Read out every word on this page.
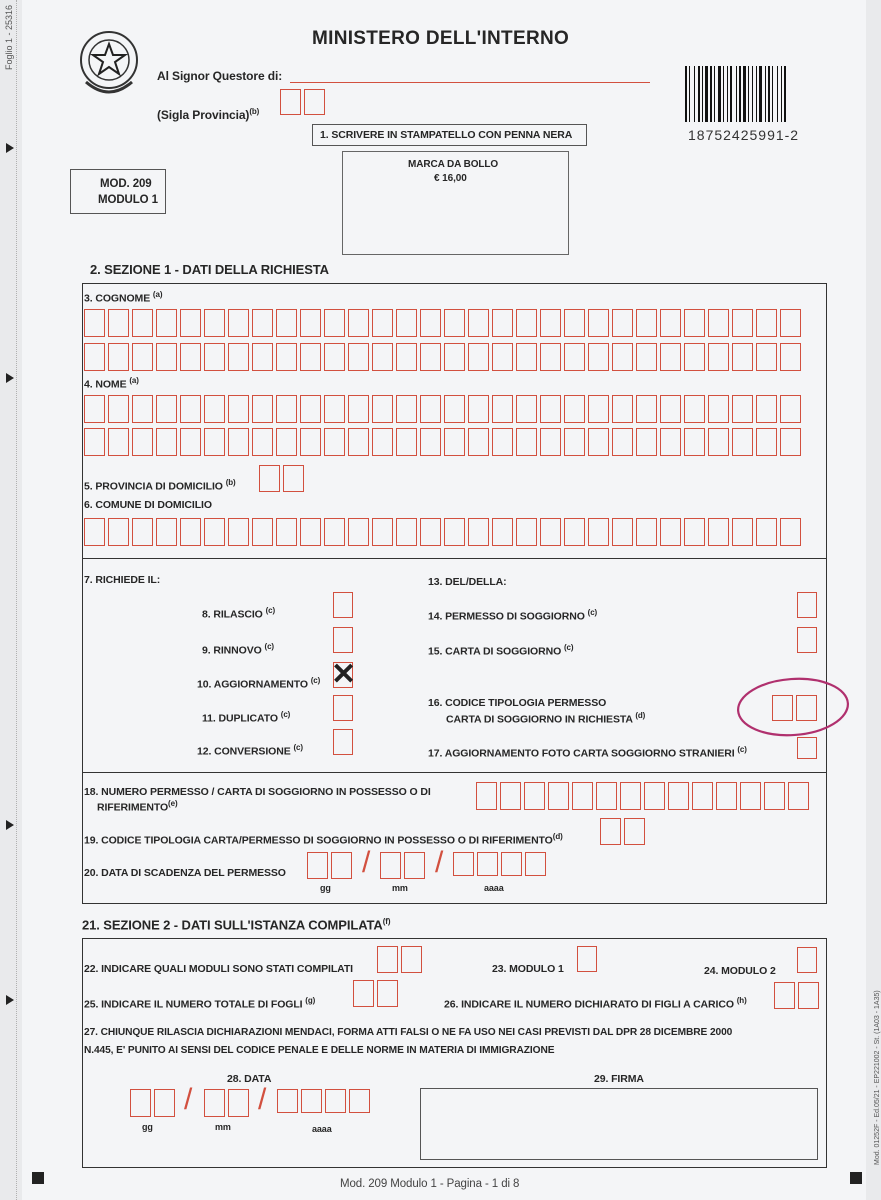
Foglio 1 - 25316	MINISTERO DELL'INTERNO
Al Signor Questore di:
(Sigla Provincia)$^{(b)}$
1. SCRIVERE IN STAMPATELLO CON PENNA NERA	18752425991-2
MARCA DA BOLLO
€ 16,00
MOD. 209
MODULO 1
2. SEZIONE 1 - DATI DELLA RICHIESTA
3. COGNOME $^{(a)}$
4. NOME $^{(a)}$
5. PROVINCIA DI DOMICILIO $^{(b)}$
6. COMUNE DI DOMICILIO
7. RICHIEDE IL:	13. DEL/DELLA:
8. RILASCIO $^{(c)}$
9. RINNOVO $^{(c)}$
10. AGGIORNAMENTO $^{(c)}$ ✕
11. DUPLICATO $^{(c)}$
12. CONVERSIONE $^{(c)}$
14. PERMESSO DI SOGGIORNO $^{(c)}$
15. CARTA DI SOGGIORNO $^{(c)}$
16. CODICE TIPOLOGIA PERMESSO
CARTA DI SOGGIORNO IN RICHIESTA $^{(d)}$
17. AGGIORNAMENTO FOTO CARTA SOGGIORNO STRANIERI $^{(c)}$
18. NUMERO PERMESSO / CARTA DI SOGGIORNO IN POSSESSO O DI
RIFERIMENTO$^{(e)}$
19. CODICE TIPOLOGIA CARTA/PERMESSO DI SOGGIORNO IN POSSESSO O DI RIFERIMENTO$^{(d)}$
20. DATA DI SCADENZA DEL PERMESSO	/ /
gg	mm	aaaa
21. SEZIONE 2 - DATI SULL'ISTANZA COMPILATA$^{(f)}$
22. INDICARE QUALI MODULI SONO STATI COMPILATI	23. MODULO 1	24. MODULO 2
25. INDICARE IL NUMERO TOTALE DI FOGLI $^{(g)}$	26. INDICARE IL NUMERO DICHIARATO DI FIGLI A CARICO $^{(h)}$
27. CHIUNQUE RILASCIA DICHIARAZIONI MENDACI, FORMA ATTI FALSI O NE FA USO NEI CASI PREVISTI DAL DPR 28 DICEMBRE 2000
N.445, E' PUNITO AI SENSI DEL CODICE PENALE E DELLE NORME IN MATERIA DI IMMIGRAZIONE
28. DATA
/ /
gg	mm	aaaa
29. FIRMA
Mod. 209 Modulo 1 - Pagina - 1 di 8
Mod. 01252F - Ed.05/21 - EP221002 - St. (1A03 - 1A35)
